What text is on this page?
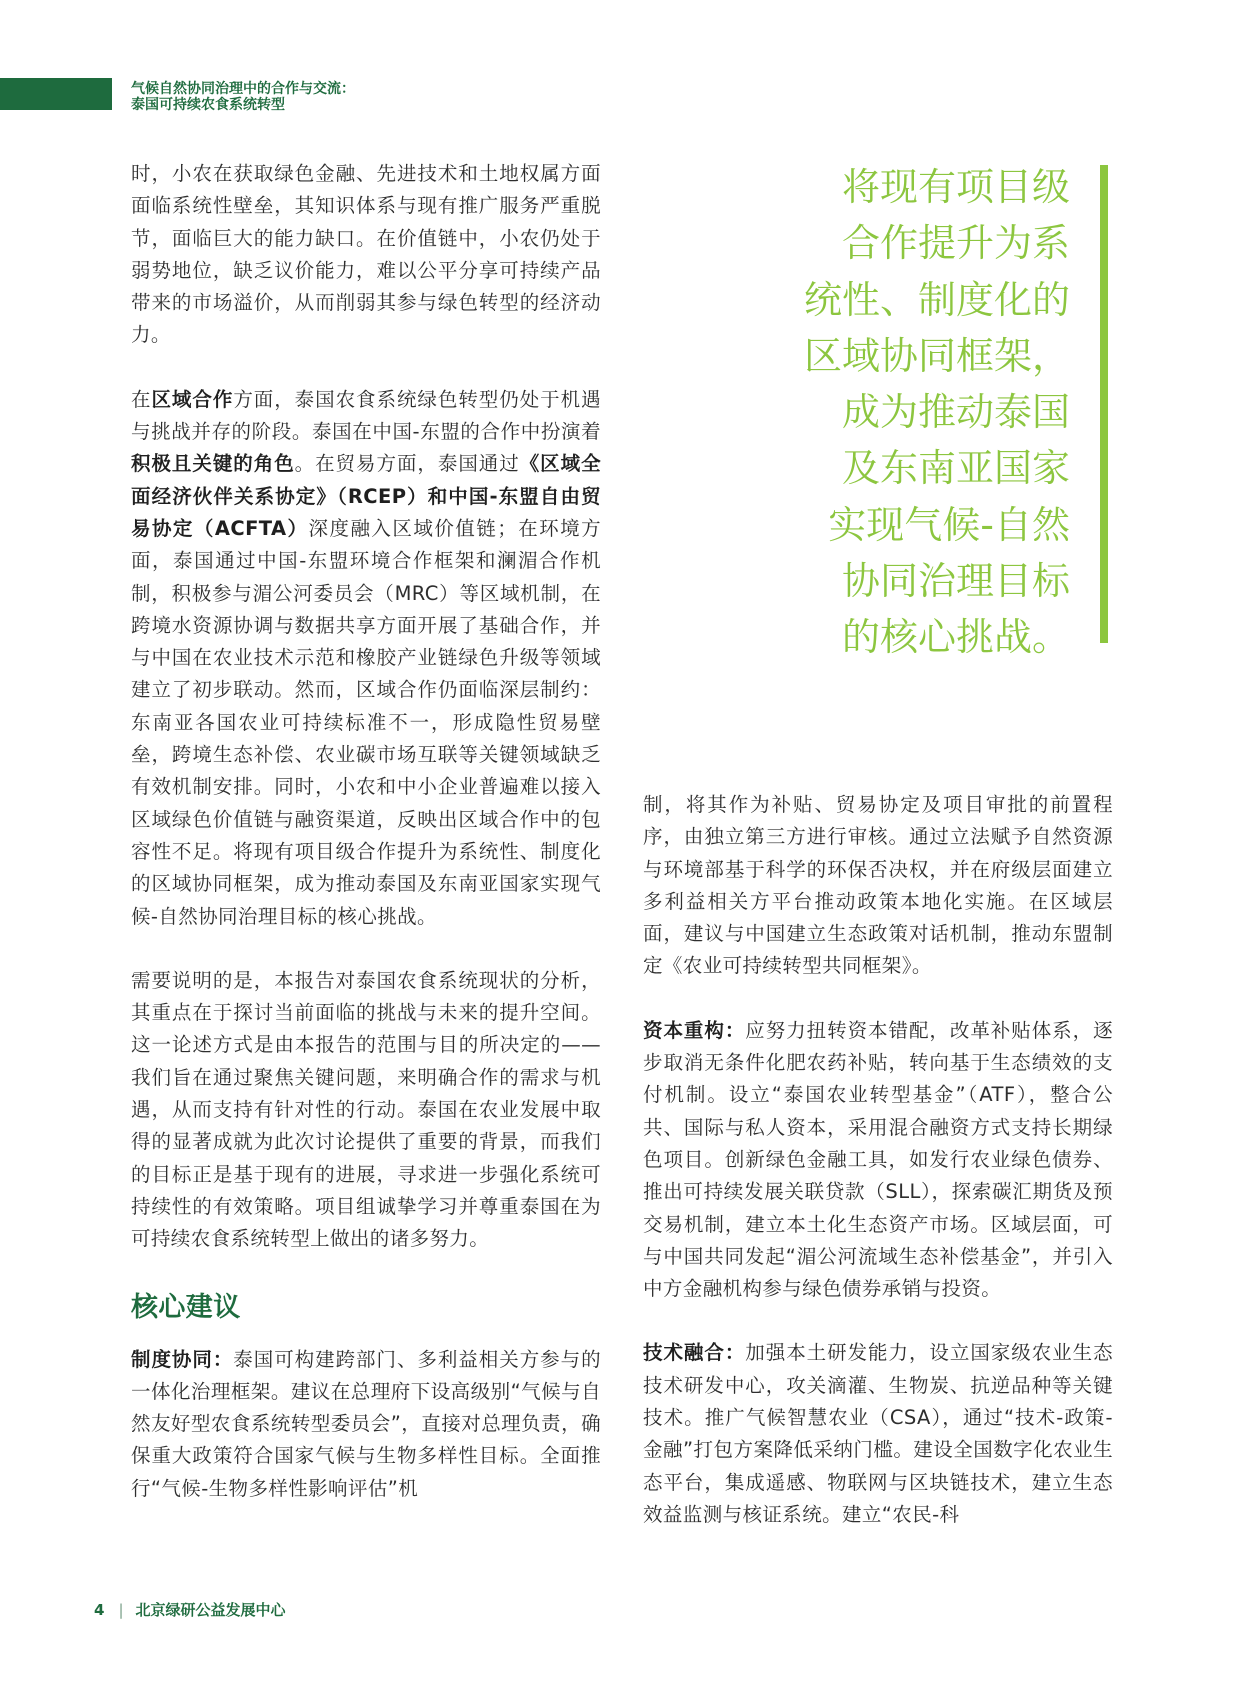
气候自然协同治理中的合作与交流：
泰国可持续农食系统转型

时，小农在获取绿色金融、先进技术和土地权属方面面临系统性壁垒，其知识体系与现有推广服务严重脱节，面临巨大的能力缺口。在价值链中，小农仍处于弱势地位，缺乏议价能力，难以公平分享可持续产品带来的市场溢价，从而削弱其参与绿色转型的经济动力。

在区域合作方面，泰国农食系统绿色转型仍处于机遇与挑战并存的阶段。泰国在中国-东盟的合作中扮演着积极且关键的角色。在贸易方面，泰国通过《区域全面经济伙伴关系协定》（RCEP）和中国-东盟自由贸易协定（ACFTA）深度融入区域价值链；在环境方面，泰国通过中国-东盟环境合作框架和澜湄合作机制，积极参与湄公河委员会（MRC）等区域机制，在跨境水资源协调与数据共享方面开展了基础合作，并与中国在农业技术示范和橡胶产业链绿色升级等领域建立了初步联动。然而，区域合作仍面临深层制约：东南亚各国农业可持续标准不一，形成隐性贸易壁垒，跨境生态补偿、农业碳市场互联等关键领域缺乏有效机制安排。同时，小农和中小企业普遍难以接入区域绿色价值链与融资渠道，反映出区域合作中的包容性不足。将现有项目级合作提升为系统性、制度化的区域协同框架，成为推动泰国及东南亚国家实现气候-自然协同治理目标的核心挑战。

需要说明的是，本报告对泰国农食系统现状的分析，其重点在于探讨当前面临的挑战与未来的提升空间。这一论述方式是由本报告的范围与目的所决定的——我们旨在通过聚焦关键问题，来明确合作的需求与机遇，从而支持有针对性的行动。泰国在农业发展中取得的显著成就为此次讨论提供了重要的背景，而我们的目标正是基于现有的进展，寻求进一步强化系统可持续性的有效策略。项目组诚挚学习并尊重泰国在为可持续农食系统转型上做出的诸多努力。

核心建议

制度协同：泰国可构建跨部门、多利益相关方参与的一体化治理框架。建议在总理府下设高级别“气候与自然友好型农食系统转型委员会”，直接对总理负责，确保重大政策符合国家气候与生物多样性目标。全面推行“气候-生物多样性影响评估”机

将现有项目级
合作提升为系
统性、制度化的
区域协同框架，
成为推动泰国
及东南亚国家
实现气候-自然
协同治理目标
的核心挑战。

制，将其作为补贴、贸易协定及项目审批的前置程序，由独立第三方进行审核。通过立法赋予自然资源与环境部基于科学的环保否决权，并在府级层面建立多利益相关方平台推动政策本地化实施。在区域层面，建议与中国建立生态政策对话机制，推动东盟制定《农业可持续转型共同框架》。

资本重构：应努力扭转资本错配，改革补贴体系，逐步取消无条件化肥农药补贴，转向基于生态绩效的支付机制。设立“泰国农业转型基金”（ATF），整合公共、国际与私人资本，采用混合融资方式支持长期绿色项目。创新绿色金融工具，如发行农业绿色债券、推出可持续发展关联贷款（SLL），探索碳汇期货及预交易机制，建立本土化生态资产市场。区域层面，可与中国共同发起“湄公河流域生态补偿基金”，并引入中方金融机构参与绿色债券承销与投资。

技术融合：加强本土研发能力，设立国家级农业生态技术研发中心，攻关滴灌、生物炭、抗逆品种等关键技术。推广气候智慧农业（CSA），通过“技术-政策-金融”打包方案降低采纳门槛。建设全国数字化农业生态平台，集成遥感、物联网与区块链技术，建立生态效益监测与核证系统。建立“农民-科

4 | 北京绿研公益发展中心
